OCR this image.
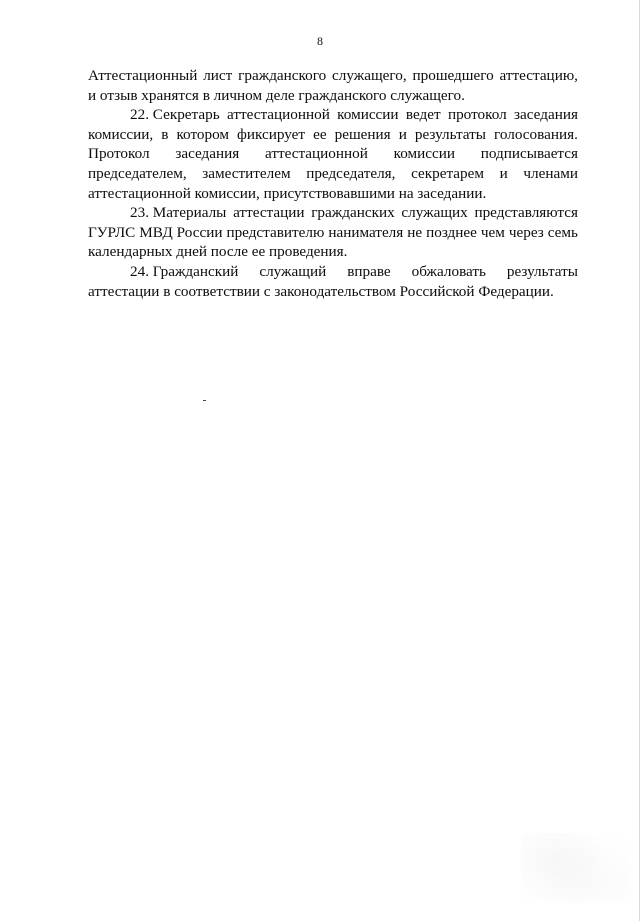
8
Аттестационный лист гражданского служащего, прошедшего аттестацию,
и отзыв хранятся в личном деле гражданского служащего.
22. Секретарь аттестационной комиссии ведет протокол заседания
комиссии, в котором фиксирует ее решения и результаты голосования.
Протокол заседания аттестационной комиссии подписывается
председателем, заместителем председателя, секретарем и членами
аттестационной комиссии, присутствовавшими на заседании.
23. Материалы аттестации гражданских служащих представляются
ГУРЛС МВД России представителю нанимателя не позднее чем через семь
календарных дней после ее проведения.
24. Гражданский служащий вправе обжаловать результаты
аттестации в соответствии с законодательством Российской Федерации.
